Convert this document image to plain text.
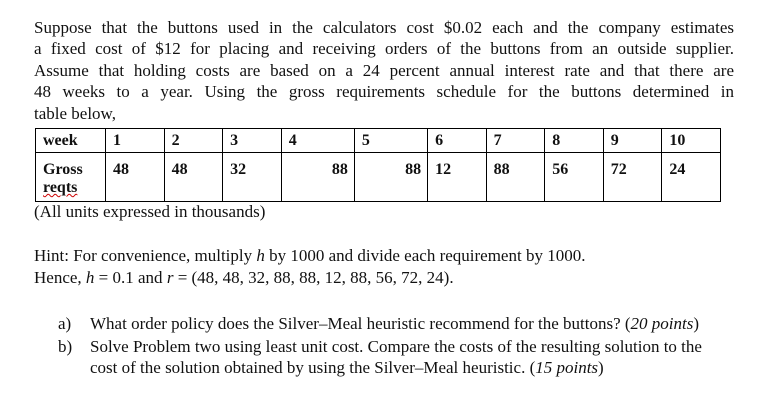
Suppose that the buttons used in the calculators cost $0.02 each and the company estimates
a fixed cost of $12 for placing and receiving orders of the buttons from an outside supplier.
Assume that holding costs are based on a 24 percent annual interest rate and that there are
48 weeks to a year. Using the gross requirements schedule for the buttons determined in
table below,
week	1	2	3	4	5	6	7	8	9	10
Gross
reqts	48	48	32	88	88	12	88	56	72	24
(All units expressed in thousands)
Hint: For convenience, multiply h by 1000 and divide each requirement by 1000.
Hence, h = 0.1 and r = (48, 48, 32, 88, 88, 12, 88, 56, 72, 24).
a) What order policy does the Silver–Meal heuristic recommend for the buttons? (20 points)
b) Solve Problem two using least unit cost. Compare the costs of the resulting solution to the cost of the solution obtained by using the Silver–Meal heuristic. (15 points)
